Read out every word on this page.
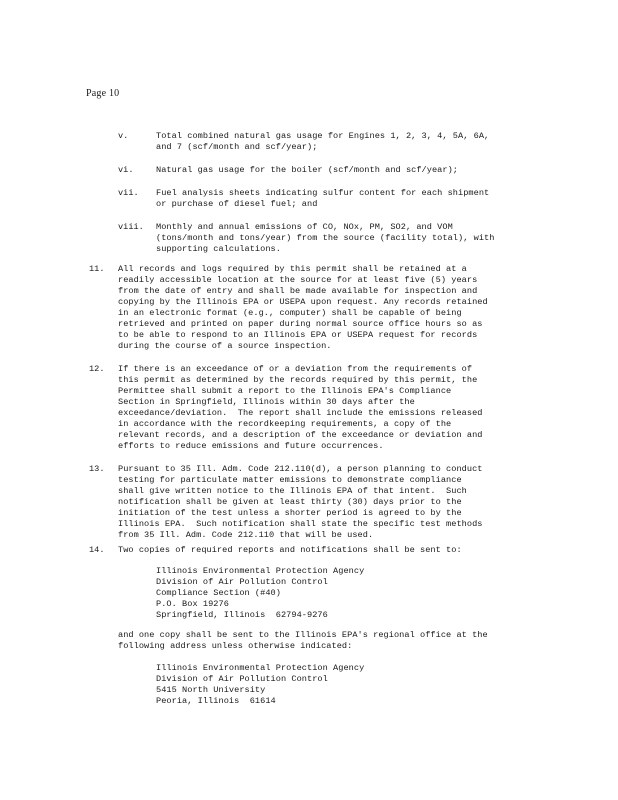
Page 10
v.	Total combined natural gas usage for Engines 1, 2, 3, 4, 5A, 6A,
and 7 (scf/month and scf/year);
vi.	Natural gas usage for the boiler (scf/month and scf/year);
vii. Fuel analysis sheets indicating sulfur content for each shipment
or purchase of diesel fuel; and
viii. Monthly and annual emissions of CO, NOx, PM, SO2, and VOM
(tons/month and tons/year) from the source (facility total), with
supporting calculations.
11. All records and logs required by this permit shall be retained at a
readily accessible location at the source for at least five (5) years
from the date of entry and shall be made available for inspection and
copying by the Illinois EPA or USEPA upon request. Any records retained
in an electronic format (e.g., computer) shall be capable of being
retrieved and printed on paper during normal source office hours so as
to be able to respond to an Illinois EPA or USEPA request for records
during the course of a source inspection.
12. If there is an exceedance of or a deviation from the requirements of
this permit as determined by the records required by this permit, the
Permittee shall submit a report to the Illinois EPA's Compliance
Section in Springfield, Illinois within 30 days after the
exceedance/deviation.  The report shall include the emissions released
in accordance with the recordkeeping requirements, a copy of the
relevant records, and a description of the exceedance or deviation and
efforts to reduce emissions and future occurrences.
13. Pursuant to 35 Ill. Adm. Code 212.110(d), a person planning to conduct
testing for particulate matter emissions to demonstrate compliance
shall give written notice to the Illinois EPA of that intent.  Such
notification shall be given at least thirty (30) days prior to the
initiation of the test unless a shorter period is agreed to by the
Illinois EPA.  Such notification shall state the specific test methods
from 35 Ill. Adm. Code 212.110 that will be used.
14. Two copies of required reports and notifications shall be sent to:
Illinois Environmental Protection Agency
Division of Air Pollution Control
Compliance Section (#40)
P.O. Box 19276
Springfield, Illinois  62794-9276
and one copy shall be sent to the Illinois EPA's regional office at the
following address unless otherwise indicated:
Illinois Environmental Protection Agency
Division of Air Pollution Control
5415 North University
Peoria, Illinois  61614
